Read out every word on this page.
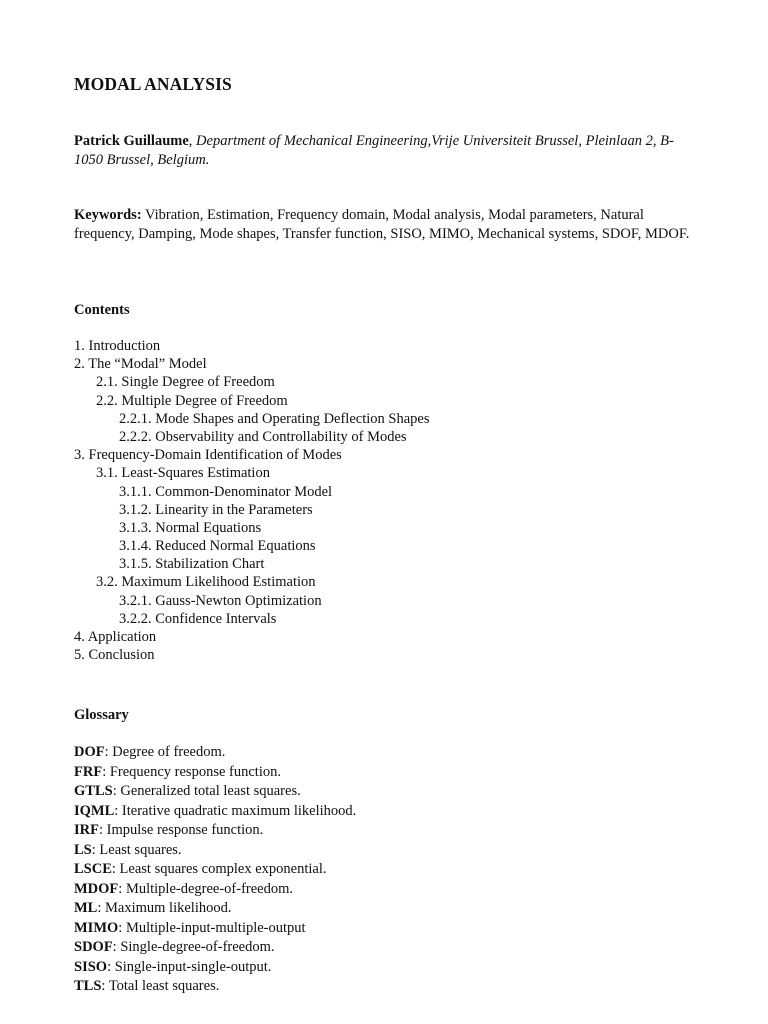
MODAL ANALYSIS

Patrick Guillaume, Department of Mechanical Engineering,Vrije Universiteit Brussel, Pleinlaan 2, B-1050 Brussel, Belgium.

Keywords: Vibration, Estimation, Frequency domain, Modal analysis, Modal parameters, Natural frequency, Damping, Mode shapes, Transfer function, SISO, MIMO, Mechanical systems, SDOF, MDOF.

Contents
1. Introduction
2. The “Modal” Model
2.1. Single Degree of Freedom
2.2. Multiple Degree of Freedom
2.2.1. Mode Shapes and Operating Deflection Shapes
2.2.2. Observability and Controllability of Modes
3. Frequency-Domain Identification of Modes
3.1. Least-Squares Estimation
3.1.1. Common-Denominator Model
3.1.2. Linearity in the Parameters
3.1.3. Normal Equations
3.1.4. Reduced Normal Equations
3.1.5. Stabilization Chart
3.2. Maximum Likelihood Estimation
3.2.1. Gauss-Newton Optimization
3.2.2. Confidence Intervals
4. Application
5. Conclusion
Glossary
DOF: Degree of freedom.
FRF: Frequency response function.
GTLS: Generalized total least squares.
IQML: Iterative quadratic maximum likelihood.
IRF: Impulse response function.
LS: Least squares.
LSCE: Least squares complex exponential.
MDOF: Multiple-degree-of-freedom.
ML: Maximum likelihood.
MIMO: Multiple-input-multiple-output
SDOF: Single-degree-of-freedom.
SISO: Single-input-single-output.
TLS: Total least squares.
